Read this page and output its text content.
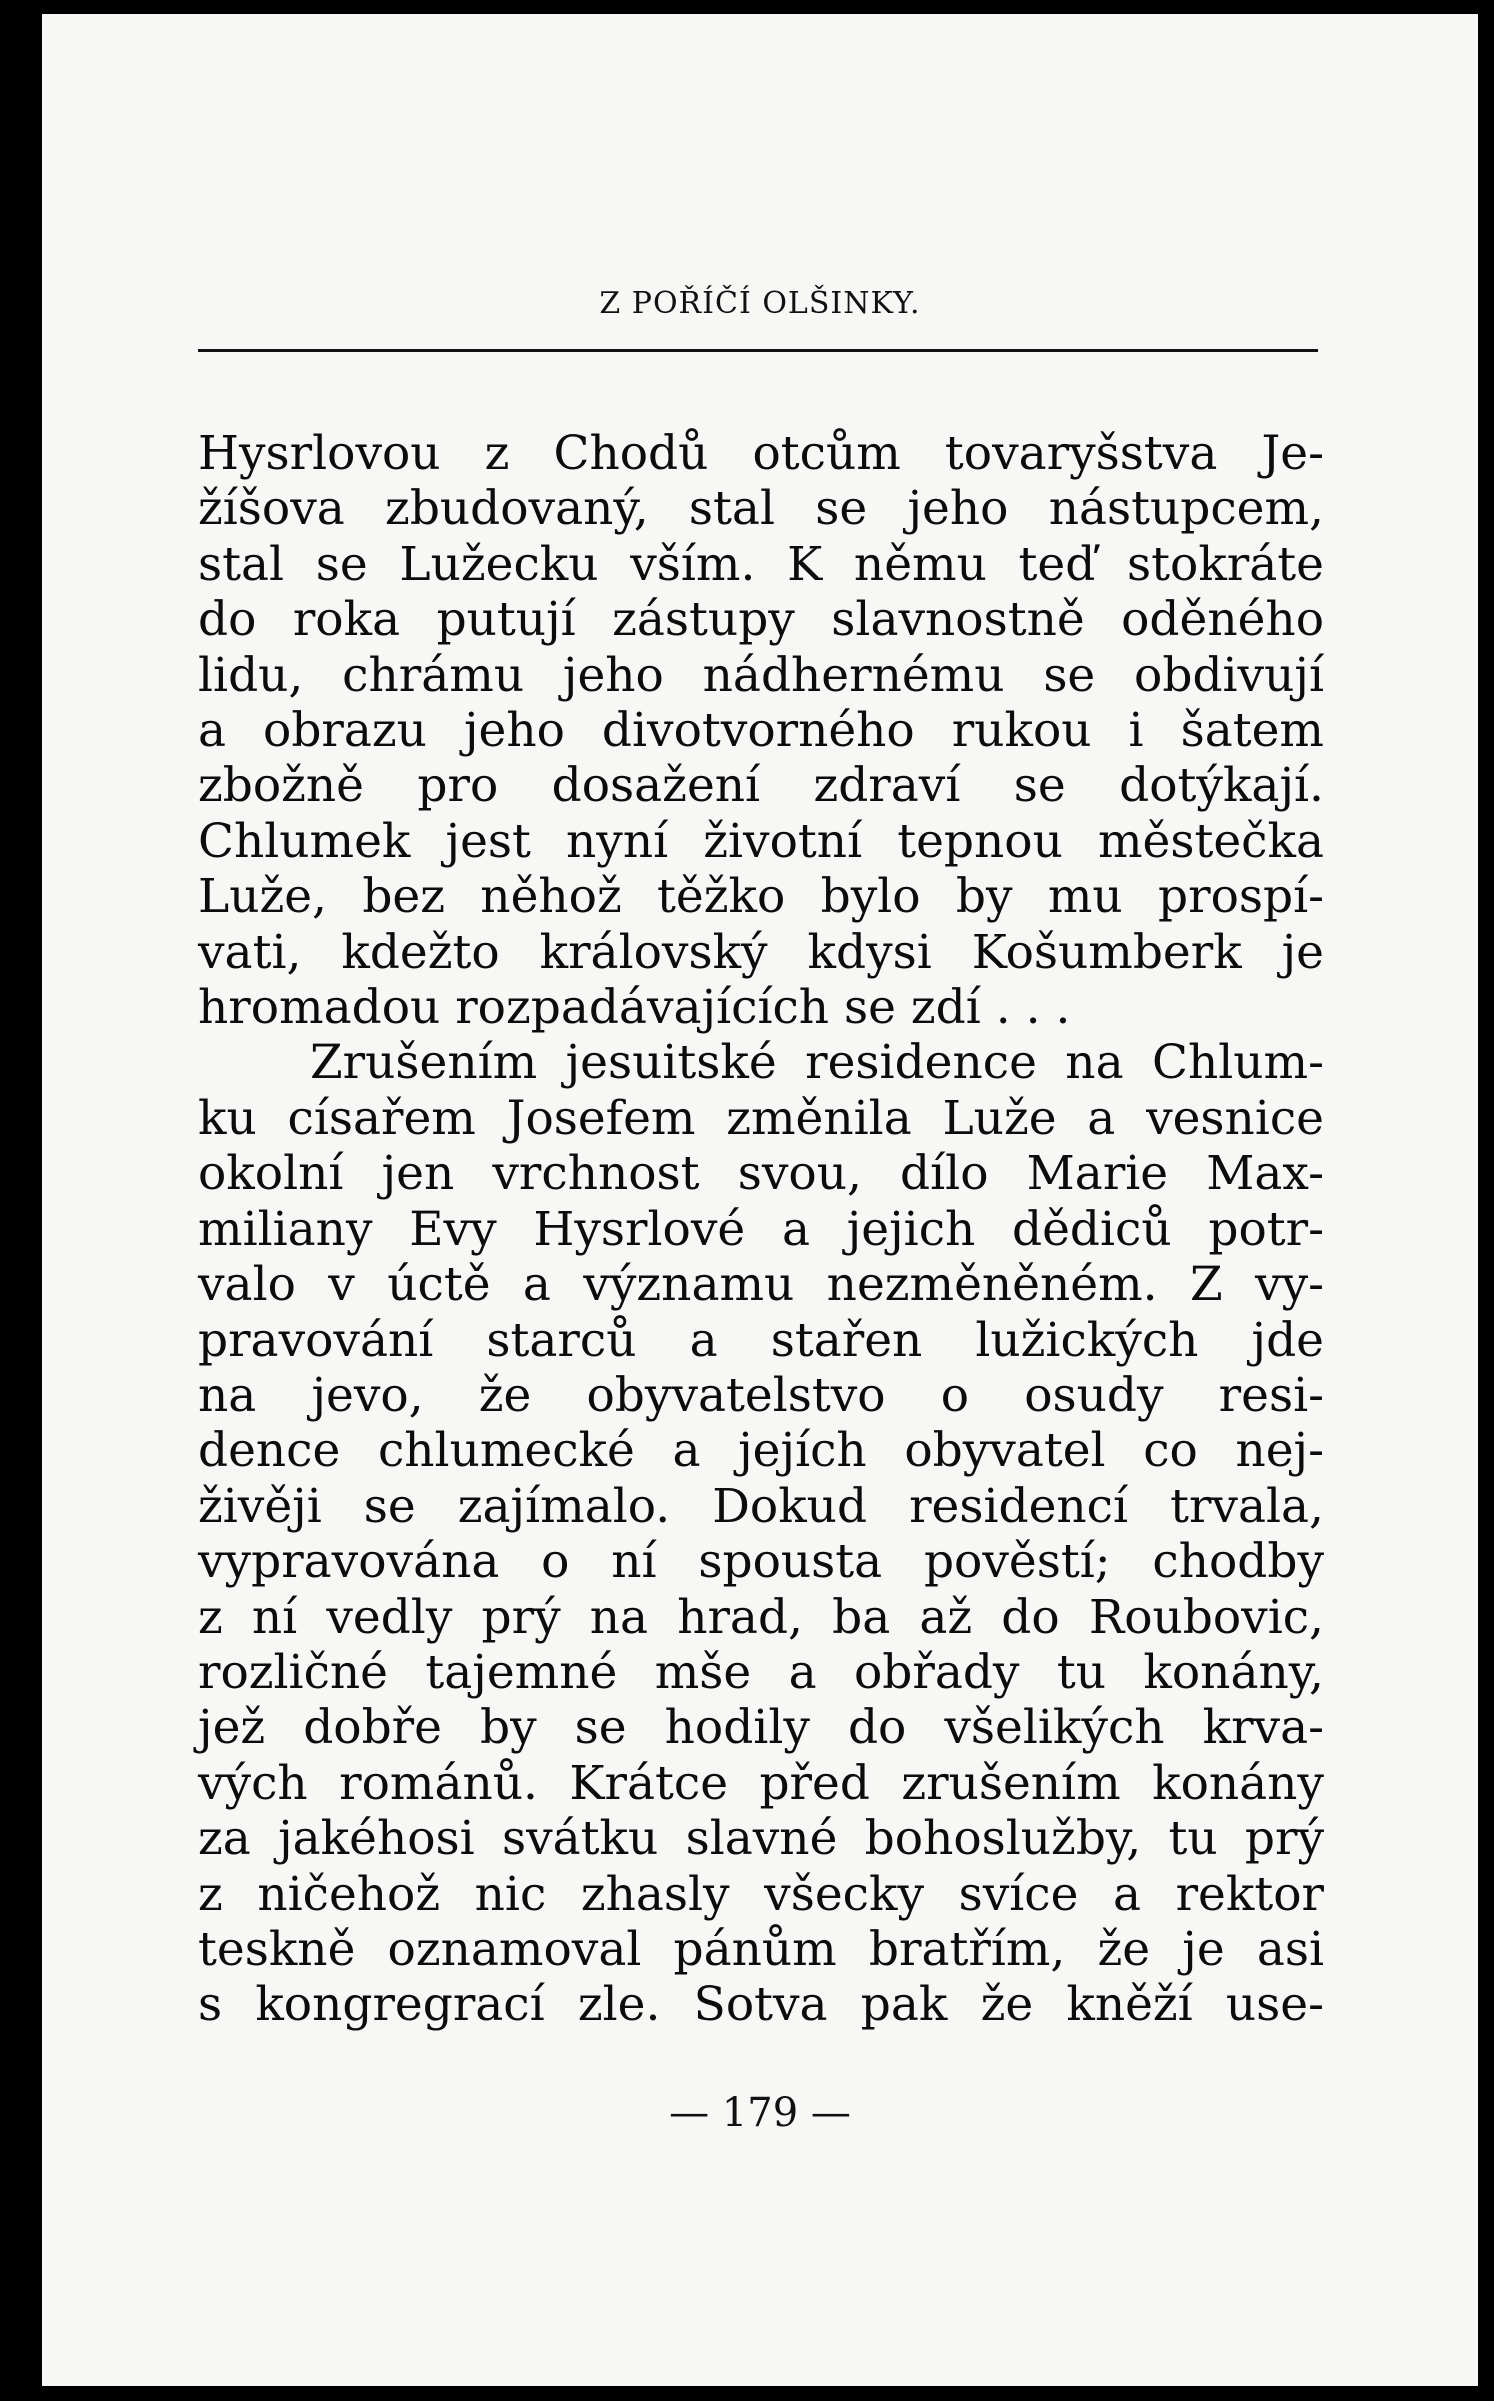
Z POŘÍČÍ OLŠINKY.
Hysrlovou z Chodů otcům tovaryšstva Je-
žíšova zbudovaný, stal se jeho nástupcem,
stal se Lužecku vším. K němu teď stokráte
do roka putují zástupy slavnostně oděného
lidu, chrámu jeho nádhernému se obdivují
a obrazu jeho divotvorného rukou i šatem
zbožně pro dosažení zdraví se dotýkají.
Chlumek jest nyní životní tepnou městečka
Luže, bez něhož těžko bylo by mu prospí-
vati, kdežto královský kdysi Košumberk je
hromadou rozpadávajících se zdí . . .
Zrušením jesuitské residence na Chlum-
ku císařem Josefem změnila Luže a vesnice
okolní jen vrchnost svou, dílo Marie Max-
miliany Evy Hysrlové a jejich dědiců potr-
valo v úctě a významu nezměněném. Z vy-
pravování starců a stařen lužických jde
na jevo, že obyvatelstvo o osudy resi-
dence chlumecké a jejích obyvatel co nej-
živěji se zajímalo. Dokud residencí trvala,
vypravována o ní spousta pověstí; chodby
z ní vedly prý na hrad, ba až do Roubovic,
rozličné tajemné mše a obřady tu konány,
jež dobře by se hodily do všelikých krva-
vých románů. Krátce před zrušením konány
za jakéhosi svátku slavné bohoslužby, tu prý
z ničehož nic zhasly všecky svíce a rektor
teskně oznamoval pánům bratřím, že je asi
s kongregrací zle. Sotva pak že kněží use-
— 179 —
